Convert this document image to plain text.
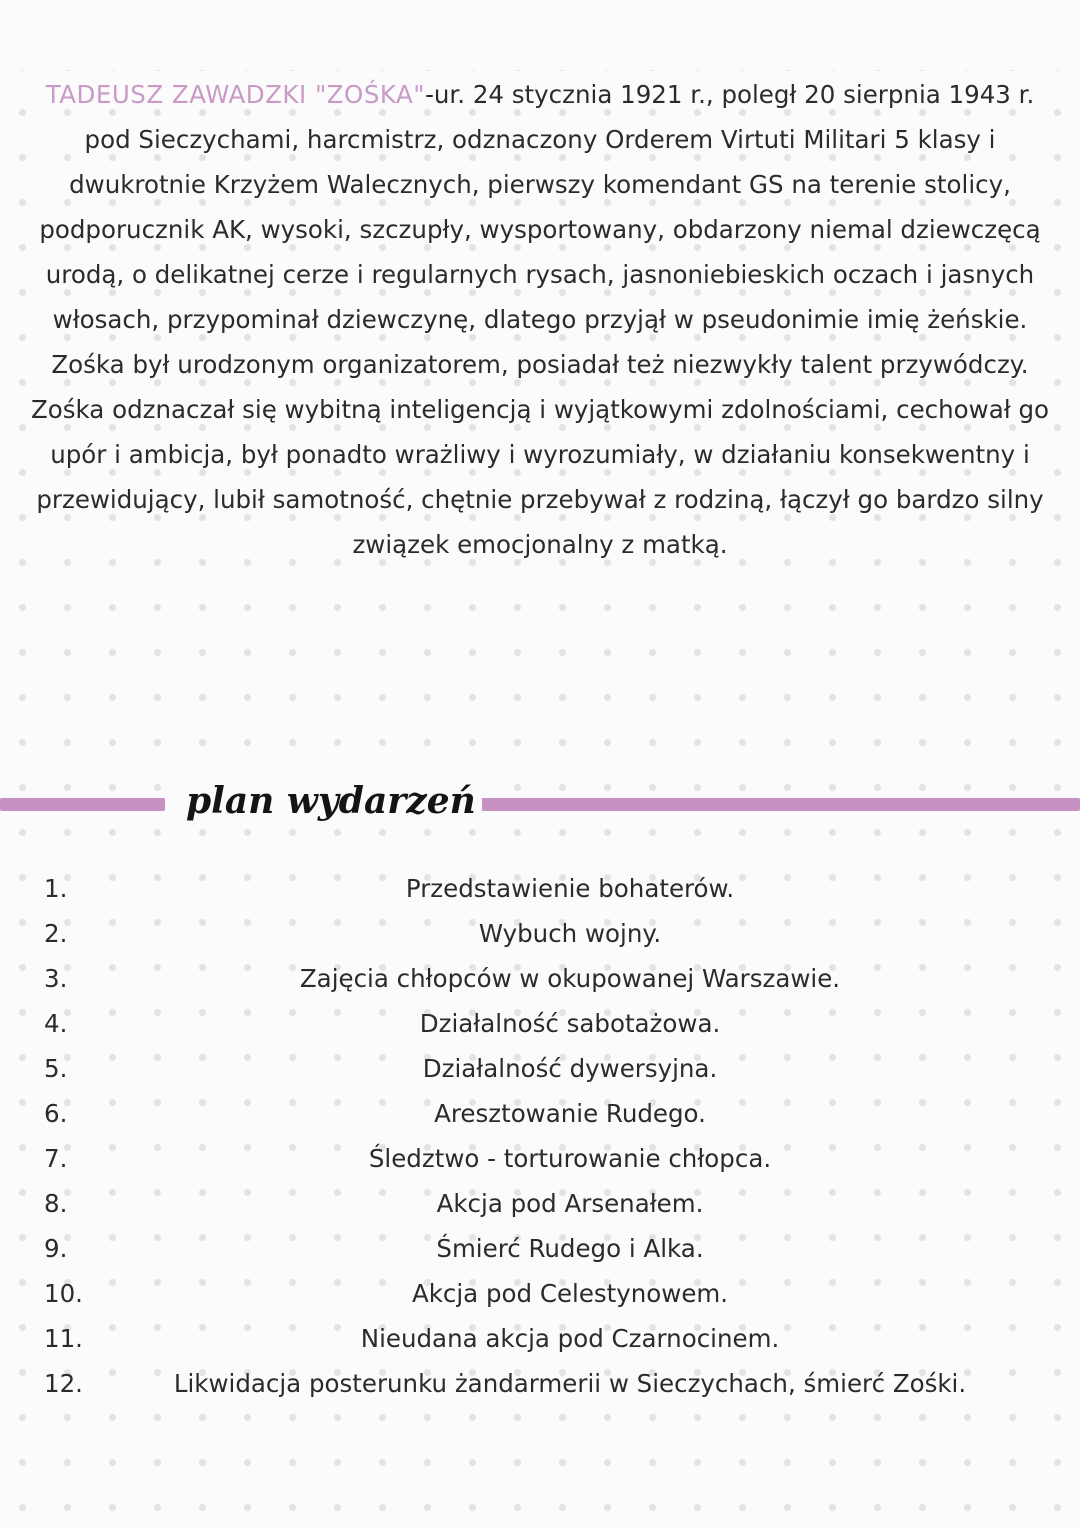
TADEUSZ ZAWADZKI "ZOŚKA"-ur. 24 stycznia 1921 r., poległ 20 sierpnia 1943 r. pod Sieczychami, harcmistrz, odznaczony Orderem Virtuti Militari 5 klasy i dwukrotnie Krzyżem Walecznych, pierwszy komendant GS na terenie stolicy, podporucznik AK, wysoki, szczupły, wysportowany, obdarzony niemal dziewczęcą urodą, o delikatnej cerze i regularnych rysach, jasnoniebieskich oczach i jasnych włosach, przypominał dziewczynę, dlatego przyjął w pseudonimie imię żeńskie. Zośka był urodzonym organizatorem, posiadał też niezwykły talent przywódczy. Zośka odznaczał się wybitną inteligencją i wyjątkowymi zdolnościami, cechował go upór i ambicja, był ponadto wrażliwy i wyrozumiały, w działaniu konsekwentny i przewidujący, lubił samotność, chętnie przebywał z rodziną, łączył go bardzo silny związek emocjonalny z matką.

plan wydarzeń
1.	Przedstawienie bohaterów.
2.	Wybuch wojny.
3.	Zajęcia chłopców w okupowanej Warszawie.
4.	Działalność sabotażowa.
5.	Działalność dywersyjna.
6.	Aresztowanie Rudego.
7.	Śledztwo - torturowanie chłopca.
8.	Akcja pod Arsenałem.
9.	Śmierć Rudego i Alka.
10.	Akcja pod Celestynowem.
11.	Nieudana akcja pod Czarnocinem.
12.	Likwidacja posterunku żandarmerii w Sieczychach, śmierć Zośki.
